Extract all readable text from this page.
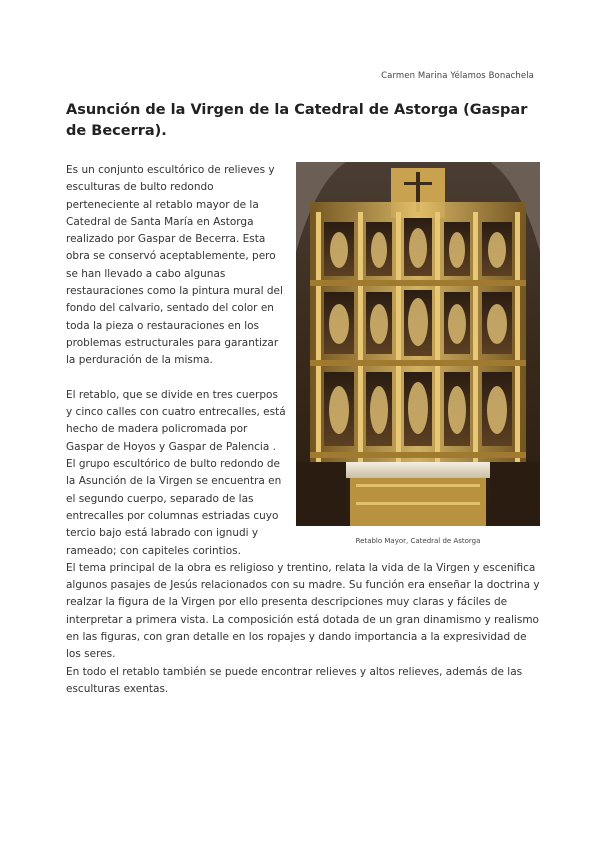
Carmen Marina Yélamos Bonachela
Asunción de la Virgen de la Catedral de Astorga (Gaspar de Becerra).
Retablo Mayor, Catedral de Astorga
Es un conjunto escultórico de relieves y esculturas de bulto redondo perteneciente al retablo mayor de la Catedral de Santa María en Astorga realizado por Gaspar de Becerra. Esta obra se conservó aceptablemente, pero se han llevado a cabo algunas restauraciones como la pintura mural del fondo del calvario, sentado del color en toda la pieza o restauraciones en los problemas estructurales para garantizar la perduración de la misma.
El retablo, que se divide en tres cuerpos y cinco calles con cuatro entrecalles, está hecho de madera policromada por Gaspar de Hoyos y Gaspar de Palencia .
El grupo escultórico de bulto redondo de la Asunción de la Virgen se encuentra en el segundo cuerpo, separado de las entrecalles por columnas estriadas cuyo tercio bajo está labrado con ignudi y rameado; con capiteles corintios.
El tema principal de la obra es religioso y trentino, relata la vida de la Virgen y escenifica algunos pasajes de Jesús relacionados con su madre. Su función era enseñar la doctrina y realzar la figura de la Virgen por ello presenta descripciones muy claras y fáciles de interpretar a primera vista. La composición está dotada de un gran dinamismo y realismo en las figuras, con gran detalle en los ropajes y dando importancia a la expresividad de los seres.
En todo el retablo también se puede encontrar relieves y altos relieves, además de las esculturas exentas.
